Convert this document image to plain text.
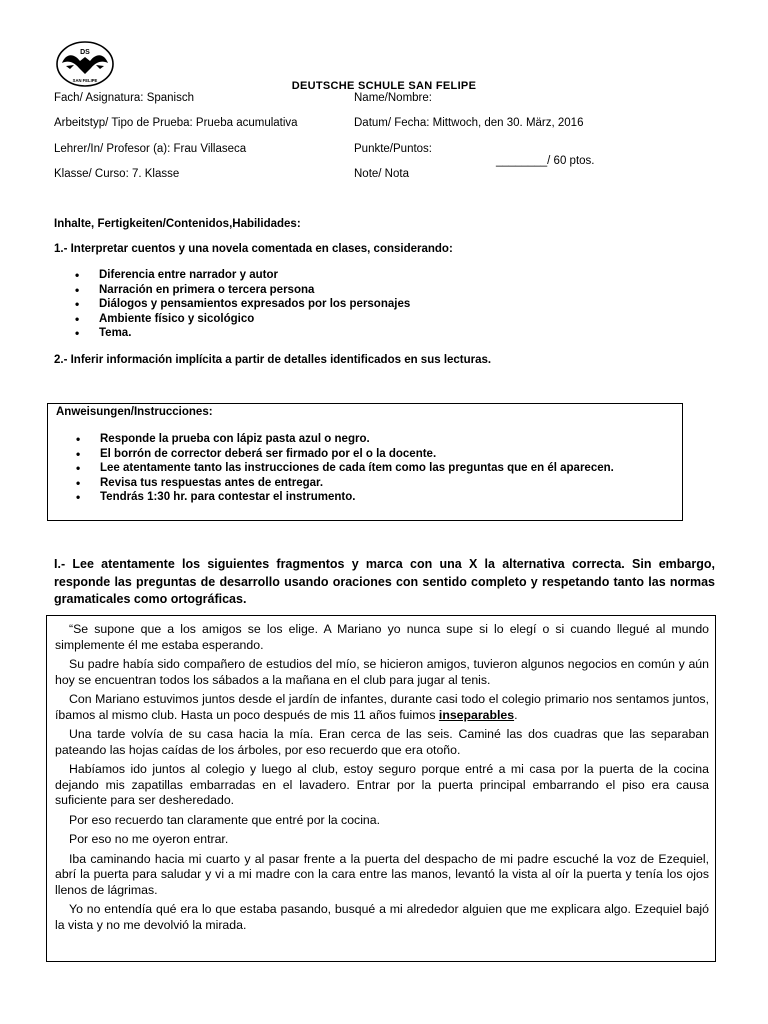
DS
SAN FELIPE	DEUTSCHE SCHULE SAN FELIPE
Fach/ Asignatura: Spanisch	Name/Nombre:
Arbeitstyp/ Tipo de Prueba: Prueba acumulativa	Datum/ Fecha: Mittwoch, den 30. März, 2016
Lehrer/In/ Profesor (a): Frau Villaseca	Punkte/Puntos:
________/ 60 ptos.
Klasse/ Curso: 7. Klasse	Note/ Nota
Inhalte, Fertigkeiten/Contenidos,Habilidades:
1.- Interpretar cuentos y una novela comentada en clases, considerando:
• Diferencia entre narrador y autor
• Narración en primera o tercera persona
• Diálogos y pensamientos expresados por los personajes
• Ambiente físico y sicológico
• Tema.
2.- Inferir información implícita a partir de detalles identificados en sus lecturas.
Anweisungen/Instrucciones:
• Responde la prueba con lápiz pasta azul o negro.
• El borrón de corrector deberá ser firmado por el o la docente.
• Lee atentamente tanto las instrucciones de cada ítem como las preguntas que en él aparecen.
• Revisa tus respuestas antes de entregar.
• Tendrás 1:30 hr. para contestar el instrumento.
I.- Lee atentamente los siguientes fragmentos y marca con una X la alternativa correcta. Sin embargo, responde las preguntas de desarrollo usando oraciones con sentido completo y respetando tanto las normas gramaticales como ortográficas.

“Se supone que a los amigos se los elige. A Mariano yo nunca supe si lo elegí o si cuando llegué al mundo simplemente él me estaba esperando.

Su padre había sido compañero de estudios del mío, se hicieron amigos, tuvieron algunos negocios en común y aún hoy se encuentran todos los sábados a la mañana en el club para jugar al tenis.

Con Mariano estuvimos juntos desde el jardín de infantes, durante casi todo el colegio primario nos sentamos juntos, íbamos al mismo club. Hasta un poco después de mis 11 años fuimos inseparables.

Una tarde volvía de su casa hacia la mía. Eran cerca de las seis. Caminé las dos cuadras que las separaban pateando las hojas caídas de los árboles, por eso recuerdo que era otoño.

Habíamos ido juntos al colegio y luego al club, estoy seguro porque entré a mi casa por la puerta de la cocina dejando mis zapatillas embarradas en el lavadero. Entrar por la puerta principal embarrando el piso era causa suficiente para ser desheredado.

Por eso recuerdo tan claramente que entré por la cocina.

Por eso no me oyeron entrar.

Iba caminando hacia mi cuarto y al pasar frente a la puerta del despacho de mi padre escuché la voz de Ezequiel, abrí la puerta para saludar y vi a mi madre con la cara entre las manos, levantó la vista al oír la puerta y tenía los ojos llenos de lágrimas.

Yo no entendía qué era lo que estaba pasando, busqué a mi alrededor alguien que me explicara algo. Ezequiel bajó la vista y no me devolvió la mirada.
